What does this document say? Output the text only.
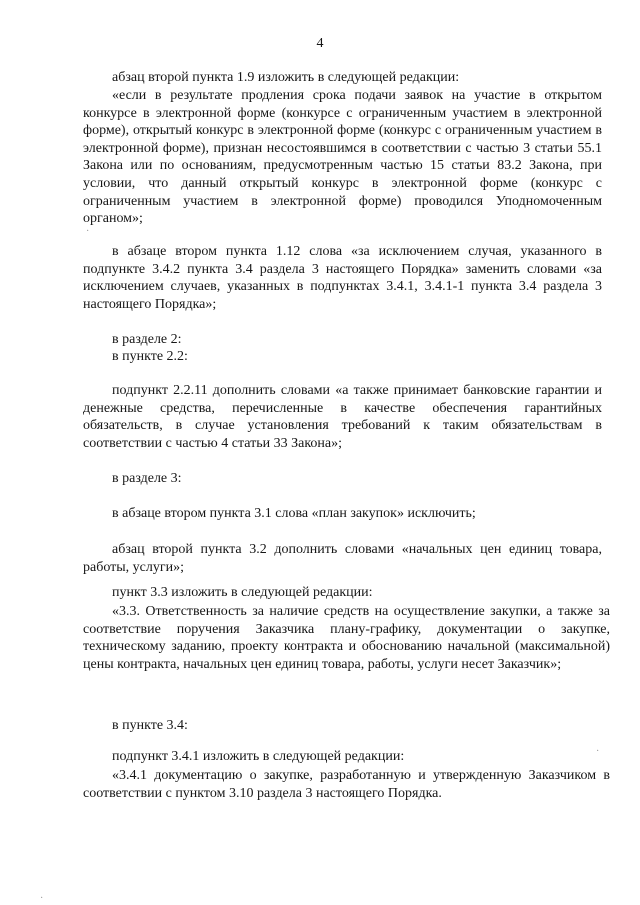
4
абзац второй пункта 1.9 изложить в следующей редакции:
«если в результате продления срока подачи заявок на участие в открытом конкурсе в электронной форме (конкурсе с ограниченным участием в электронной форме), открытый конкурс в электронной форме (конкурс с ограниченным участием в электронной форме), признан несостоявшимся в соответствии с частью 3 статьи 55.1 Закона или по основаниям, предусмотренным частью 15 статьи 83.2 Закона, при условии, что данный открытый конкурс в электронной форме (конкурс с ограниченным участием в электронной форме) проводился Уподномоченным органом»;
в абзаце втором пункта 1.12 слова «за исключением случая, указанного в подпункте 3.4.2 пункта 3.4 раздела 3 настоящего Порядка» заменить словами «за исключением случаев, указанных в подпунктах 3.4.1, 3.4.1-1 пункта 3.4 раздела 3 настоящего Порядка»;
в разделе 2:
в пункте 2.2:
подпункт 2.2.11 дополнить словами «а также принимает банковские гарантии и денежные средства, перечисленные в качестве обеспечения гарантийных обязательств, в случае установления требований к таким обязательствам в соответствии с частью 4 статьи 33 Закона»;
в разделе 3:
в абзаце втором пункта 3.1 слова «план закупок» исключить;
абзац второй пункта 3.2 дополнить словами «начальных цен единиц товара, работы, услуги»;
пункт 3.3 изложить в следующей редакции:
«3.3. Ответственность за наличие средств на осуществление закупки, а также за соответствие поручения Заказчика плану-графику, документации о закупке, техническому заданию, проекту контракта и обоснованию начальной (максимальной) цены контракта, начальных цен единиц товара, работы, услуги несет Заказчик»;
в пункте 3.4:
подпункт 3.4.1 изложить в следующей редакции:
«3.4.1 документацию о закупке, разработанную и утвержденную Заказчиком в соответствии с пунктом 3.10 раздела 3 настоящего Порядка.
·
·
·
